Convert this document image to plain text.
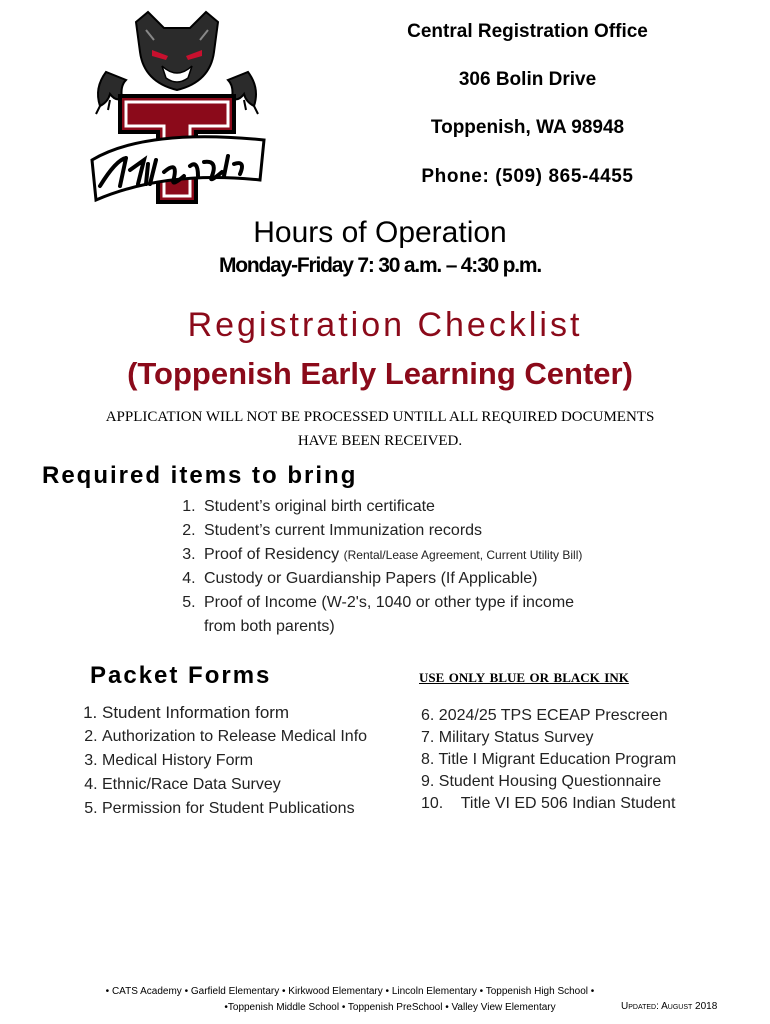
Central Registration Office
306 Bolin Drive
Toppenish, WA 98948
Phone: (509) 865-4455
Hours of Operation
Monday-Friday 7: 30 a.m. – 4:30 p.m.
Registration Checklist
(Toppenish Early Learning Center)
APPLICATION WILL NOT BE PROCESSED UNTILL ALL REQUIRED DOCUMENTS
HAVE BEEN RECEIVED.
Required items to bring
1. Student’s original birth certificate
2. Student’s current Immunization records
3. Proof of Residency (Rental/Lease Agreement, Current Utility Bill)
4. Custody or Guardianship Papers (If Applicable)
5. Proof of Income (W-2's, 1040 or other type if income from both parents)
Packet Forms	use only blue or black ink
1. Student Information form
2. Authorization to Release Medical Info
3. Medical History Form
4. Ethnic/Race Data Survey
5. Permission for Student Publications
6. 2024/25 TPS ECEAP Prescreen
7. Military Status Survey
8. Title I Migrant Education Program
9. Student Housing Questionnaire
10.    Title VI ED 506 Indian Student
• CATS Academy • Garfield Elementary • Kirkwood Elementary • Lincoln Elementary • Toppenish High School •
•Toppenish Middle School • Toppenish PreSchool • Valley View Elementary	Updated: August 2018
